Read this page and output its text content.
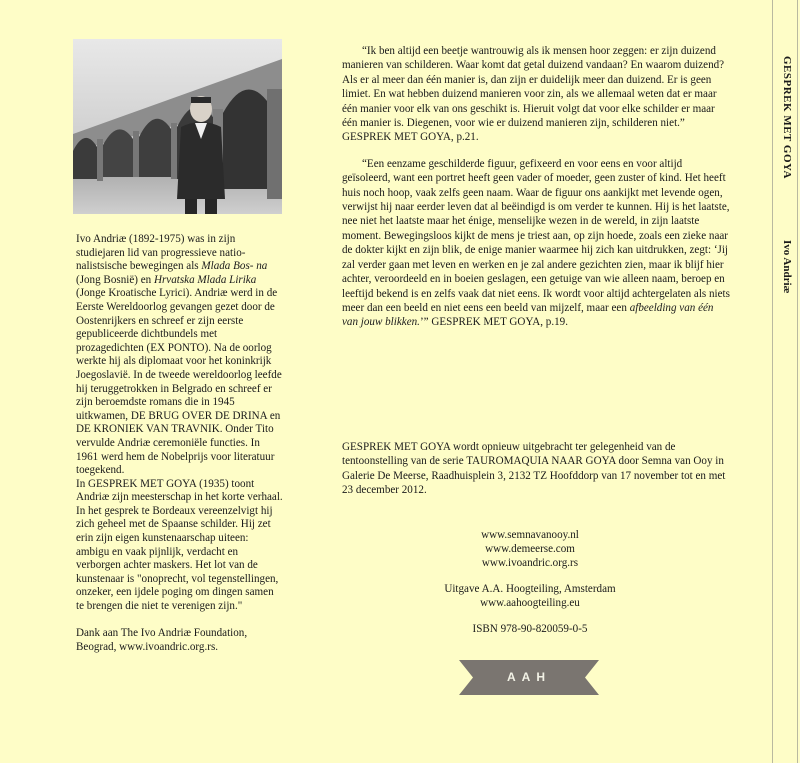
Ivo Andriæ (1892-1975) was in zijn studiejaren lid van progressieve natio- nalistsische bewegingen als Mlada Bos- na (Jong Bosnië) en Hrvatska Mlada Lirika (Jonge Kroatische Lyrici). Andriæ werd in de Eerste Wereldoorlog gevangen gezet door de Oostenrijkers en schreef er zijn eerste gepubliceerde dichtbundels met prozagedichten (EX PONTO). Na de oorlog werkte hij als diplomaat voor het koninkrijk Joegoslavië. In de tweede wereldoorlog leefde hij teruggetrokken in Belgrado en schreef er zijn beroemdste romans die in 1945 uitkwamen, DE BRUG OVER DE DRINA en DE KRONIEK VAN TRAVNIK. Onder Tito vervulde Andriæ ceremoniële functies. In 1961 werd hem de Nobelprijs voor literatuur toegekend.

In GESPREK MET GOYA (1935) toont Andriæ zijn meesterschap in het korte verhaal. In het gesprek te Bordeaux vereenzelvigt hij zich geheel met de Spaanse schilder. Hij zet erin zijn eigen kunstenaarschap uiteen: ambigu en vaak pijnlijk, verdacht en verborgen achter maskers. Het lot van de kunstenaar is "onoprecht, vol tegenstellingen, onzeker, een ijdele poging om dingen samen te brengen die niet te verenigen zijn."

Dank aan The Ivo Andriæ Foundation, Beograd, www.ivoandric.org.rs.

“Ik ben altijd een beetje wantrouwig als ik mensen hoor zeggen: er zijn duizend manieren van schilderen. Waar komt dat getal duizend vandaan? En waarom duizend? Als er al meer dan één manier is, dan zijn er duidelijk meer dan duizend. Er is geen limiet. En wat hebben duizend manieren voor zin, als we allemaal weten dat er maar één manier voor elk van ons geschikt is. Hieruit volgt dat voor elke schilder er maar één manier is. Diegenen, voor wie er duizend manieren zijn, schilderen niet.” GESPREK MET GOYA, p.21.

“Een eenzame geschilderde figuur, gefixeerd en voor eens en voor altijd geïsoleerd, want een portret heeft geen vader of moeder, geen zuster of kind. Het heeft huis noch hoop, vaak zelfs geen naam. Waar de figuur ons aankijkt met levende ogen, verwijst hij naar eerder leven dat al beëindigd is om verder te kunnen. Hij is het laatste, nee niet het laatste maar het énige, menselijke wezen in de wereld, in zijn laatste moment. Bewegingsloos kijkt de mens je triest aan, op zijn hoede, zoals een zieke naar de dokter kijkt en zijn blik, de enige manier waarmee hij zich kan uitdrukken, zegt: ‘Jij zal verder gaan met leven en werken en je zal andere gezichten zien, maar ik blijf hier achter, veroordeeld en in boeien geslagen, een getuige van wie alleen naam, beroep en leeftijd bekend is en zelfs vaak dat niet eens. Ik wordt voor altijd achtergelaten als niets meer dan een beeld en niet eens een beeld van mijzelf, maar een afbeelding van één van jouw blikken.’” GESPREK MET GOYA, p.19.

GESPREK MET GOYA wordt opnieuw uitgebracht ter gelegenheid van de tentoonstelling van de serie TAUROMAQUIA NAAR GOYA door Semna van Ooy in Galerie De Meerse, Raadhuisplein 3, 2132 TZ Hoofddorp van 17 november tot en met 23 december 2012.
www.semnavanooy.nl
www.demeerse.com
www.ivoandric.org.rs
Uitgave A.A. Hoogteiling, Amsterdam
www.aahoogteiling.eu
ISBN 978-90-820059-0-5
AAH
GESPREK MET GOYA
Ivo Andriæ
